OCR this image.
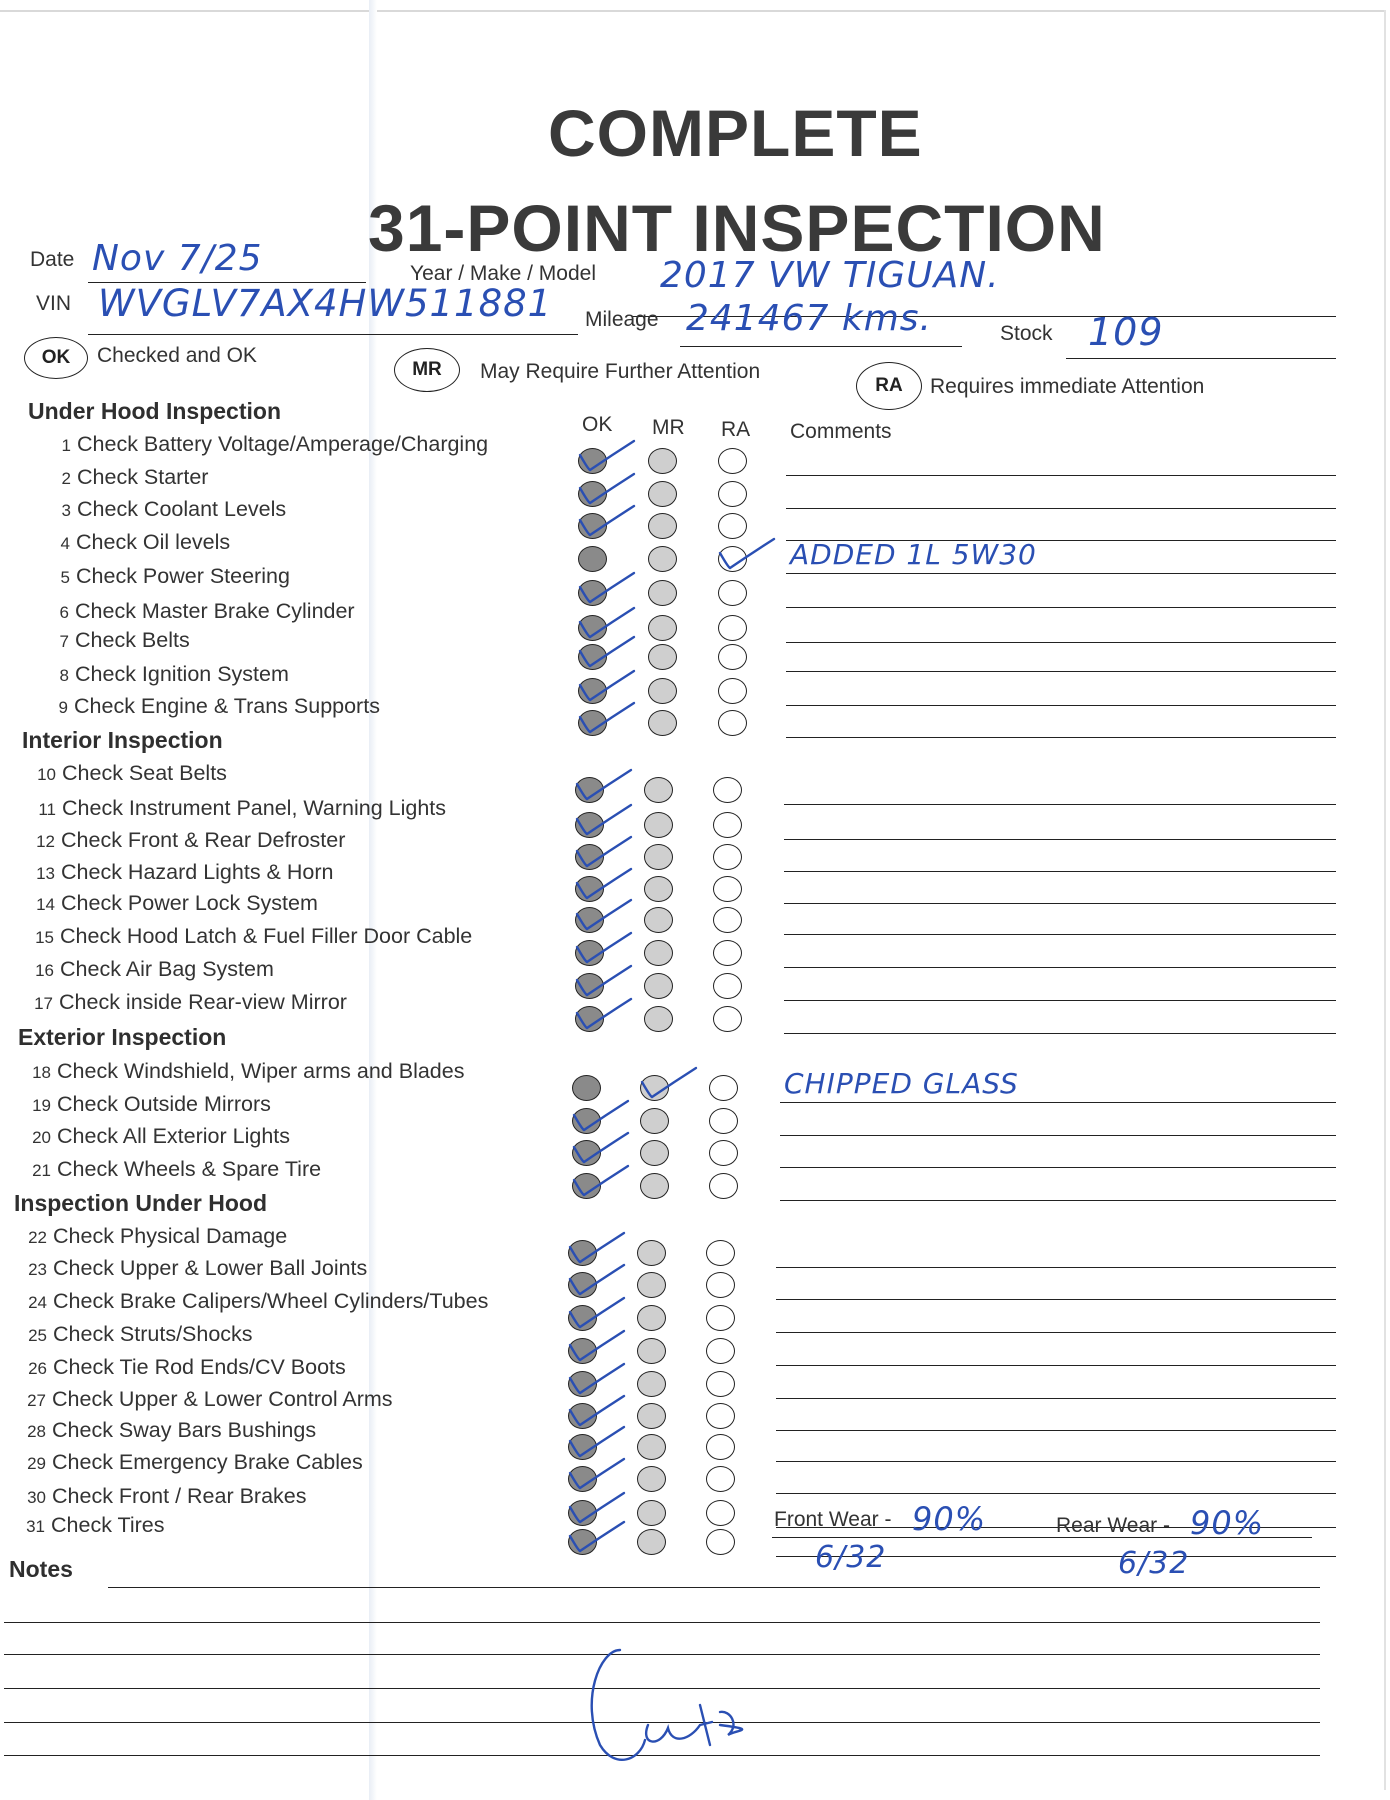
COMPLETE
31-POINT INSPECTION
Date Nov 7/25	Year / Make / Model 2017 VW TIGUAN.
VIN WVGLV7AX4HW511881 Mileage 241467 kms.	Stock 109
OK	Checked and OK
MR	May Require Further Attention
RA	Requires immediate Attention
OK MR RA Comments
Under Hood Inspection
1 Check Battery Voltage/Amperage/Charging
2 Check Starter
3 Check Coolant Levels
4 Check Oil levels	ADDED 1L 5W30
5 Check Power Steering
6 Check Master Brake Cylinder
7 Check Belts
8 Check Ignition System
9 Check Engine & Trans Supports
Interior Inspection
10 Check Seat Belts
11 Check Instrument Panel, Warning Lights
12 Check Front & Rear Defroster
13 Check Hazard Lights & Horn
14 Check Power Lock System
15 Check Hood Latch & Fuel Filler Door Cable
16 Check Air Bag System
17 Check inside Rear-view Mirror
Exterior Inspection
18 Check Windshield, Wiper arms and Blades	CHIPPED GLASS
19 Check Outside Mirrors
20 Check All Exterior Lights
21 Check Wheels & Spare Tire
Inspection Under Hood
22 Check Physical Damage
23 Check Upper & Lower Ball Joints
24 Check Brake Calipers/Wheel Cylinders/Tubes
25 Check Struts/Shocks
26 Check Tie Rod Ends/CV Boots
27 Check Upper & Lower Control Arms
28 Check Sway Bars Bushings
29 Check Emergency Brake Cables
30 Check Front / Rear Brakes
31 Check Tires	Front Wear - 90%
6/32
Rear Wear - 90%
6/32
Notes
